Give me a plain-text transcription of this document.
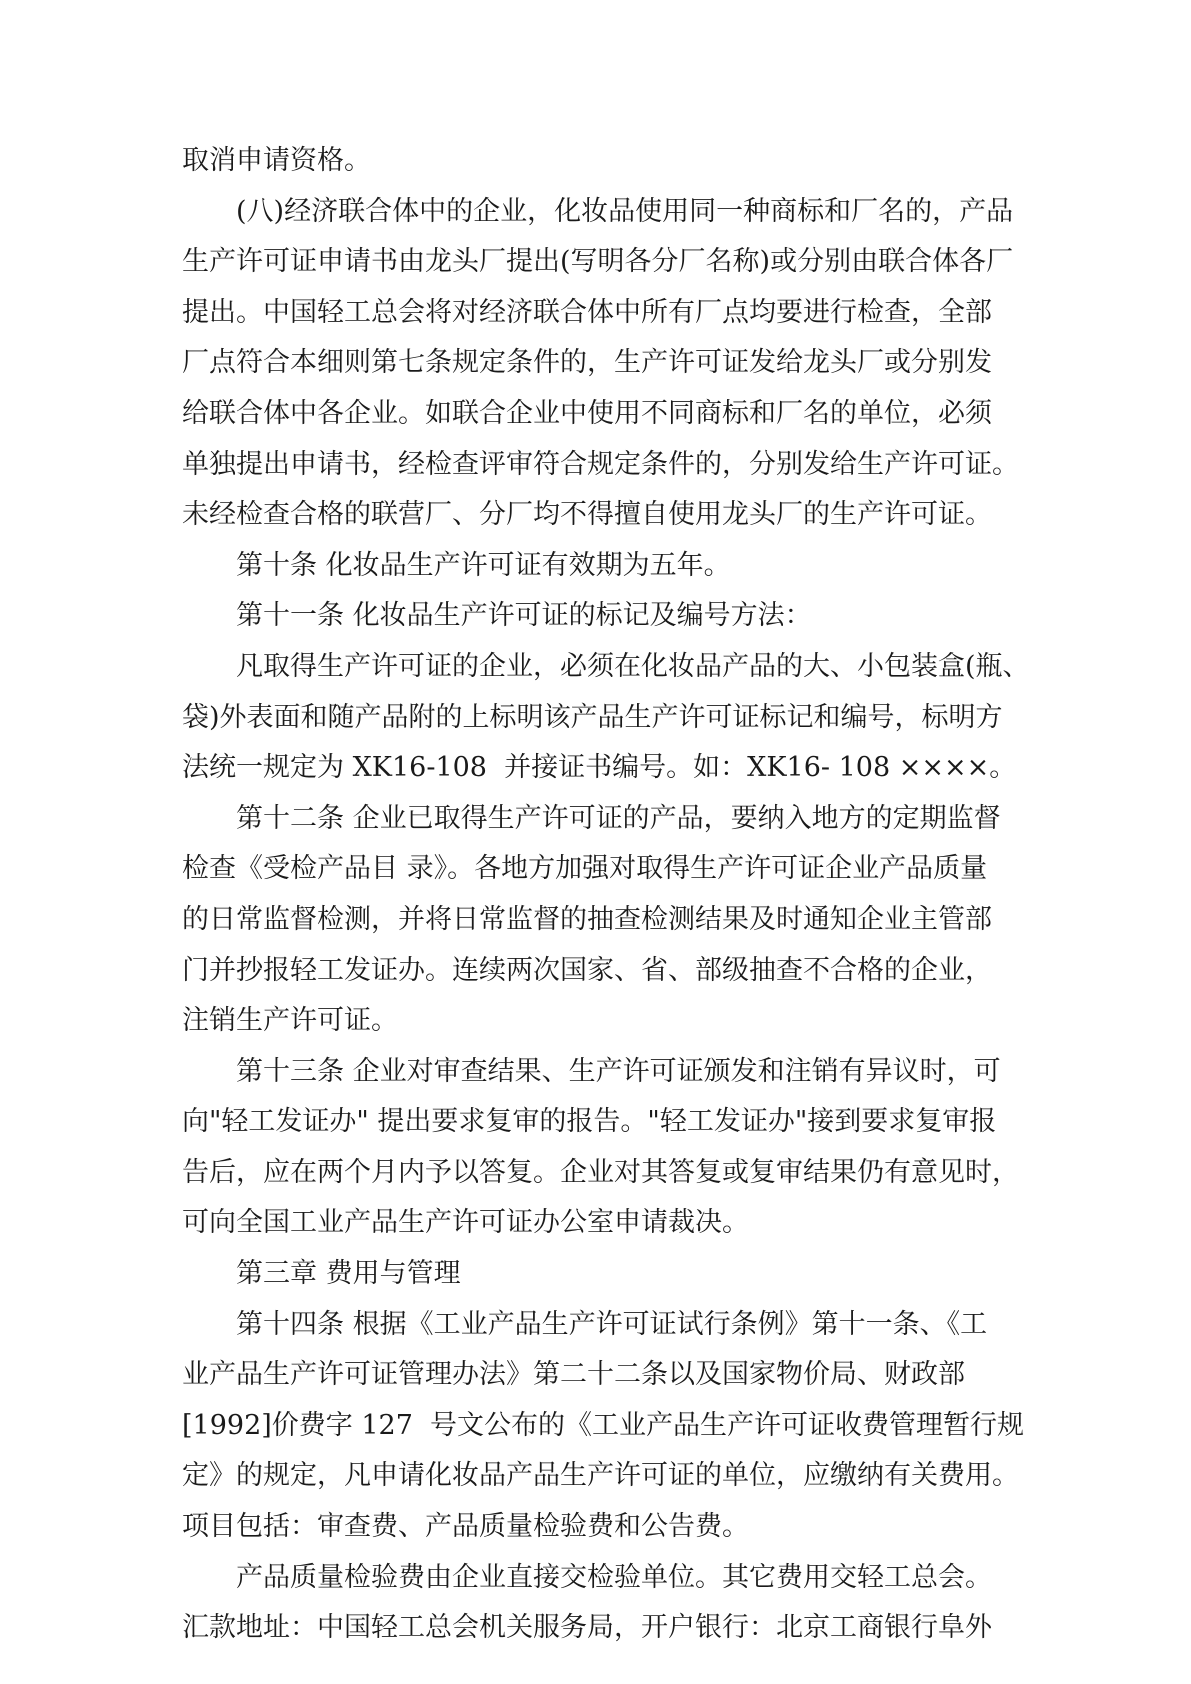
取消申请资格。
(八)经济联合体中的企业，化妆品使用同一种商标和厂名的，产品
生产许可证申请书由龙头厂提出(写明各分厂名称)或分别由联合体各厂
提出。中国轻工总会将对经济联合体中所有厂点均要进行检查，全部
厂点符合本细则第七条规定条件的，生产许可证发给龙头厂或分别发
给联合体中各企业。如联合企业中使用不同商标和厂名的单位，必须
单独提出申请书，经检查评审符合规定条件的，分别发给生产许可证。
未经检查合格的联营厂、分厂均不得擅自使用龙头厂的生产许可证。
第十条 化妆品生产许可证有效期为五年。
第十一条 化妆品生产许可证的标记及编号方法：
凡取得生产许可证的企业，必须在化妆品产品的大、小包装盒(瓶、
袋)外表面和随产品附的上标明该产品生产许可证标记和编号，标明方
法统一规定为 XK16-108  并接证书编号。如：XK16- 108 ××××。
第十二条 企业已取得生产许可证的产品，要纳入地方的定期监督
检查《受检产品目 录》。各地方加强对取得生产许可证企业产品质量
的日常监督检测，并将日常监督的抽查检测结果及时通知企业主管部
门并抄报轻工发证办。连续两次国家、省、部级抽查不合格的企业，
注销生产许可证。
第十三条 企业对审查结果、生产许可证颁发和注销有异议时，可
向"轻工发证办" 提出要求复审的报告。"轻工发证办"接到要求复审报
告后，应在两个月内予以答复。企业对其答复或复审结果仍有意见时，
可向全国工业产品生产许可证办公室申请裁决。
第三章 费用与管理
第十四条 根据《工业产品生产许可证试行条例》第十一条、《工
业产品生产许可证管理办法》第二十二条以及国家物价局、财政部
[1992]价费字 127  号文公布的《工业产品生产许可证收费管理暂行规
定》的规定，凡申请化妆品产品生产许可证的单位，应缴纳有关费用。
项目包括：审查费、产品质量检验费和公告费。
产品质量检验费由企业直接交检验单位。其它费用交轻工总会。
汇款地址：中国轻工总会机关服务局，开户银行：北京工商银行阜外
